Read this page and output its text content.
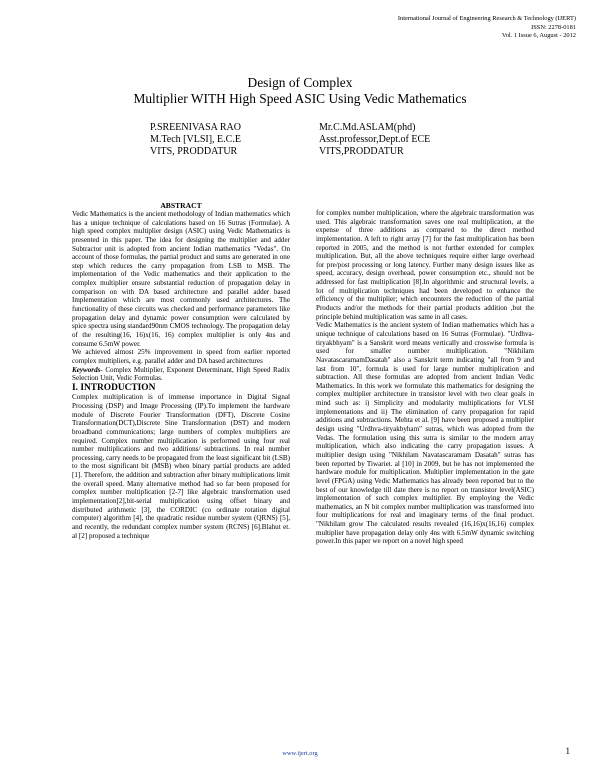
International Journal of Engineering Research & Technology (IJERT)
ISSN: 2278-0181
Vol. 1 Issue 6, August - 2012
Design of Complex
Multiplier WITH High Speed ASIC Using Vedic Mathematics
P.SREENIVASA RAO
M.Tech [VLSI], E.C.E
VITS, PRODDATUR
Mr.C.Md.ASLAM(phd)
Asst.professor,Dept.of ECE
VITS,PRODDATUR

ABSTRACT

Vedic Mathematics is the ancient methodology of Indian mathematics which has a unique technique of calculations based on 16 Sutras (Formulae). A high speed complex multiplier design (ASIC) using Vedic Mathematics is presented in this paper. The idea for designing the multiplier and adder Subtractor unit is adopted from ancient Indian mathematics "Vedas". On account of those formulas, the partial product and sums are generated in one step which reduces the carry propagation from LSB to MSB. The implementation of the Vedic mathematics and their application to the complex multiplier ensure substantial reduction of propagation delay in comparison on with DA based architecture and parallel adder based Implementation which are most commonly used architectures. The functionality of these circuits was checked and performance parameters like propagation delay and dynamic power consumption were calculated by spice spectra using standard90nm CMOS technology. The propagation delay of the resulting(16, 16)x(16, 16) complex multiplier is only 4ns and consume 6.5mW power.

We achieved almost 25% improvement in speed from earlier reported complex multipliers, e.g. parallel adder and DA based architectures

Keywords- Complex Multiplier, Exponent Determinant, High Speed Radix Selection Unit, Vedic Formulas.

I. INTRODUCTION

Complex multiplication is of immense importance in Digital Signal Processing (DSP) and Image Processing (IP).To implement the hardware module of Discrete Fourier Transformation (DFT), Discrete Cosine Transformation(DCT),Discrete Sine Transformation (DST) and modern broadband communications; large numbers of complex multipliers are required. Complex number multiplication is performed using four real number multiplications and two additions/ subtractions. In real number processing, carry needs to be propagated from the least significant bit (LSB) to the most significant bit (MSB) when binary partial products are added [1]. Therefore, the addition and subtraction after binary multiplications limit the overall speed. Many alternative method had so far been proposed for complex number multiplication [2-7] like algebraic transformation used implementation[2],bit-serial multiplication using offset binary and distributed arithmetic [3], the CORDIC (co ordinate rotation digital computer) algorithm [4], the quadratic residue number system (QRNS) [5], and recently, the redundant complex number system (RCNS) [6].Blahut et. al [2] proposed a technique

for complex number multiplication, where the algebraic transformation was used. This algebraic transformation saves one real multiplication, at the expense of three additions as compared to the direct method implementation. A left to right array [7] for the fast multiplication has been reported in 2005, and the method is not further extended for complex multiplication. But, all the above techniques require either large overhead for pre/post processing or long latency. Further many design issues like as speed, accuracy, design overhead, power consumption etc., should not be addressed for fast multiplication [8].In algorithmic and structural levels, a lot of multiplication techniques had been developed to enhance the efficiency of the multiplier; which encounters the reduction of the partial Products and/or the methods for their partial products addition ,but the principle behind multiplication was same in all cases.

Vedic Mathematics is the ancient system of Indian mathematics which has a unique technique of calculations based on 16 Sutras (Formulae). "Urdhva-tiryakbhyam" is a Sanskrit word means vertically and crosswise formula is used for smaller number multiplication. "Nikhilam NavatascaramamDasatah" also a Sanskrit term indicating "all from 9 and last from 10", formula is used for large number multiplication and subtraction. All these formulas are adopted from ancient Indian Vedic Mathematics. In this work we formulate this mathematics for designing the complex multiplier architecture in transistor level with two clear goals in mind such as: i) Simplicity and modularity multiplications for VLSI implementations and ii) The elimination of carry propagation for rapid additions and subtractions. Mehta et al. [9] have been proposed a multiplier design using "Urdhva-tiryakbyham" sutras, which was adopted from the Vedas. The formulation using this sutra is similar to the modern array multiplication, which also indicating the carry propagation issues. A multiplier design using "Nikhilam Navatascaramam Dasatah" sutras has been reported by Tiwariet. al [10] in 2009, but he has not implemented the hardware module for multiplication. Multiplier implementation in the gate level (FPGA) using Vedic Mathematics has already been reported but to the best of our knowledge till date there is no report on transistor level(ASIC) implementation of such complex multiplier. By employing the Vedic mathematics, an N bit complex number multiplication was transformed into four multiplications for real and imaginary terms of the final product. "Nikhilam grow The calculated results revealed (16,16)x(16,16) complex multiplier have propagation delay only 4ns with 6.5mW dynamic switching power.In this paper we report on a novel high speed

www.ijert.org	1
